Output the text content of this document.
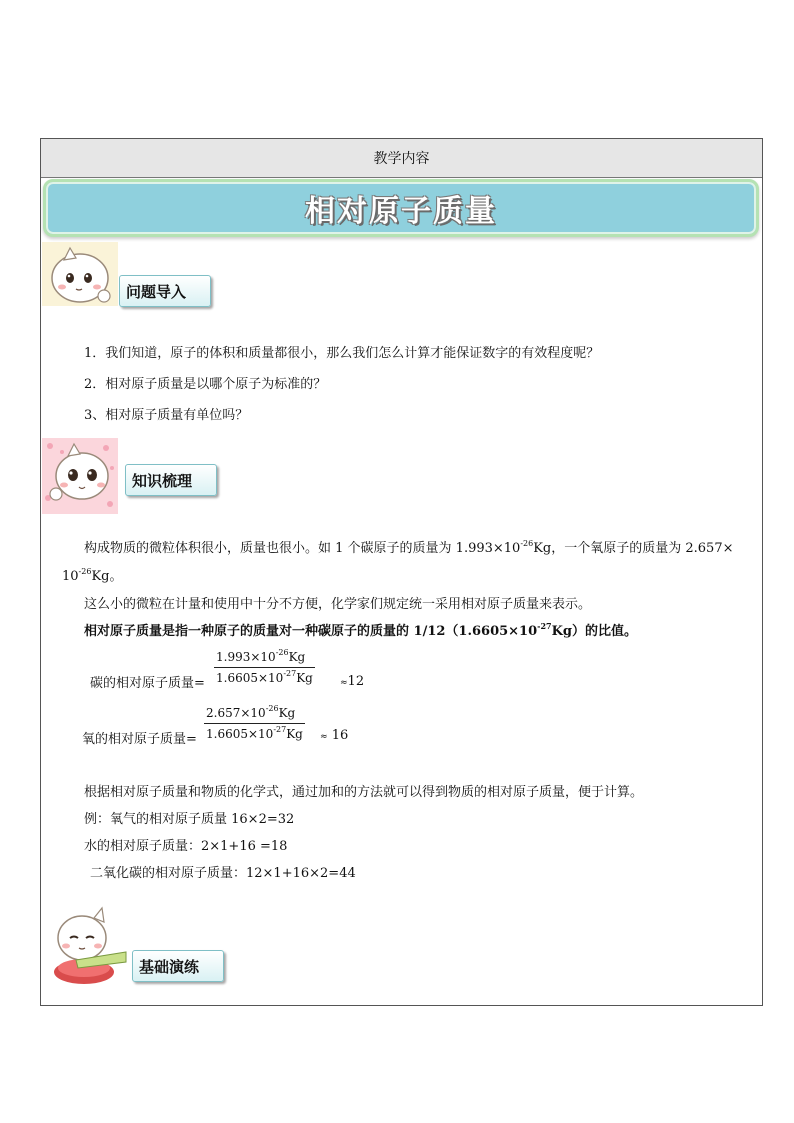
教学内容
相对原子质量
问题导入
1．我们知道，原子的体积和质量都很小，那么我们怎么计算才能保证数字的有效程度呢？
2．相对原子质量是以哪个原子为标准的？
3、相对原子质量有单位吗？
知识梳理
构成物质的微粒体积很小，质量也很小。如 1 个碳原子的质量为 $1.993\times 10^{-26}Kg$，一个氧原子的质量为 2.657×
$10^{-26}Kg$。
这么小的微粒在计量和使用中十分不方便，化学家们规定统一采用相对原子质量来表示。
相对原子质量是指一种原子的质量对一种碳原子的质量的 $1/12(1.6605\times 10^{-27}Kg)$的比值。
碳的相对原子质量= $\frac{1.993\times 10^{-26}Kg}{1.6605\times 10^{-27}Kg}$	≈12
氧的相对原子质量= $\frac{2.657\times 10^{-26}Kg}{1.6605\times 10^{-27}Kg} \approx 16$
根据相对原子质量和物质的化学式，通过加和的方法就可以得到物质的相对原子质量，便于计算。
例：氧气的相对原子质量 16×2=32
水的相对原子质量：2×1+16 =18
二氧化碳的相对原子质量：12×1+16×2=44
基础演练
